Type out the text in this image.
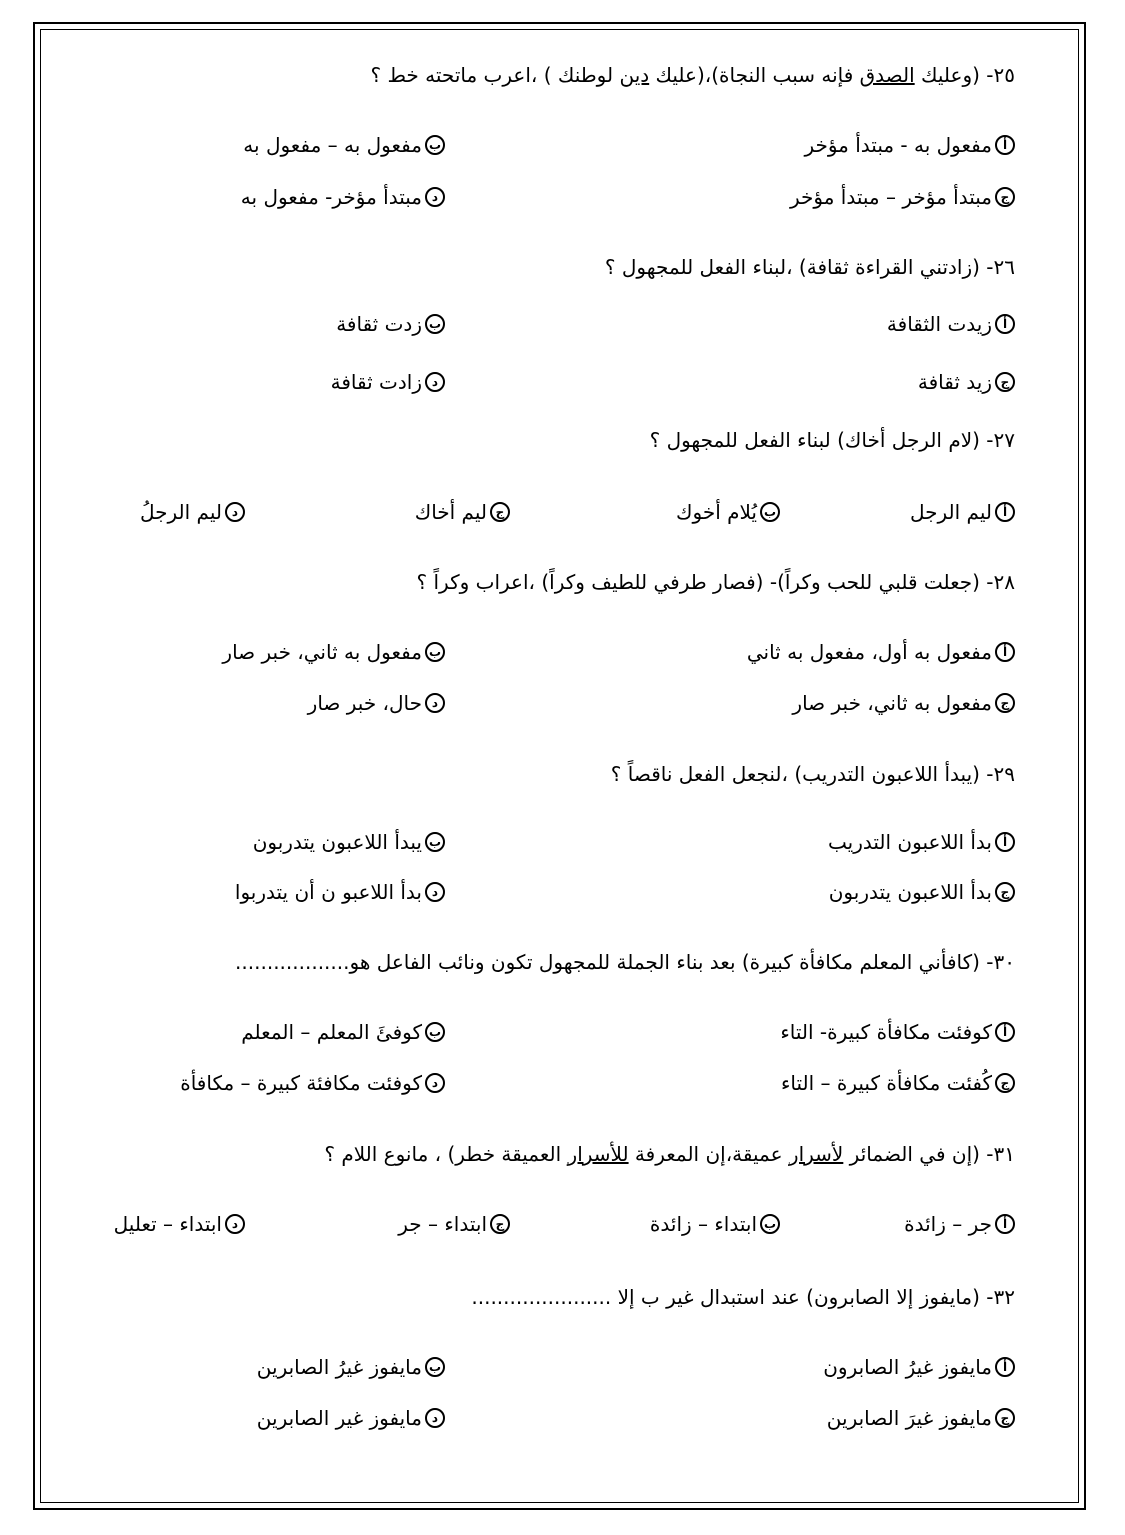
٢٥- (وعليك الصدق فإنه سبب النجاة)،(عليك دين لوطنك ) ،اعرب ماتحته خط ؟
أ
مفعول به - مبتدأ مؤخر
ب
مفعول به – مفعول به
ج
مبتدأ مؤخر – مبتدأ مؤخر
د
مبتدأ مؤخر- مفعول به
٢٦- (زادتني القراءة ثقافة) ،لبناء الفعل للمجهول ؟
أ
زيدت الثقافة
ب
زدت ثقافة
ج
زيد ثقافة
د
زادت ثقافة
٢٧- (لام الرجل أخاك) لبناء الفعل للمجهول ؟
أ
ليم الرجل
ب
يُلام أخوك
ج
ليم أخاك
د
ليم الرجلُ
٢٨- (جعلت قلبي للحب وكراً)- (فصار طرفي للطيف وكراً) ،اعراب وكراً ؟
أ
مفعول به أول، مفعول به ثاني
ب
مفعول به ثاني، خبر صار
ج
مفعول به ثاني، خبر صار
د
حال، خبر صار
٢٩- (يبدأ اللاعبون التدريب) ،لنجعل الفعل ناقصاً ؟
أ
بدأ اللاعبون التدريب
ب
يبدأ اللاعبون يتدربون
ج
بدأ اللاعبون يتدربون
د
بدأ اللاعبو ن أن يتدربوا
٣٠- (كافأني المعلم مكافأة كبيرة) بعد بناء الجملة للمجهول تكون ونائب الفاعل هو..................
أ
كوفئت مكافأة كبيرة- التاء
ب
كوفئَ المعلم – المعلم
ج
كُفئت مكافأة كبيرة – التاء
د
كوفئت مكافئة كبيرة – مكافأة
٣١- (إن في الضمائر لأسرار عميقة،إن المعرفة للأسرار العميقة خطر) ، مانوع اللام ؟
أ
جر – زائدة
ب
ابتداء – زائدة
ج
ابتداء – جر
د
ابتداء – تعليل
٣٢- (مايفوز إلا الصابرون) عند استبدال غير ب إلا ......................
أ
مايفوز غيرُ الصابرون
ب
مايفوز غيرُ الصابرين
ج
مايفوز غيرَ الصابرين
د
مايفوز غير الصابرين
